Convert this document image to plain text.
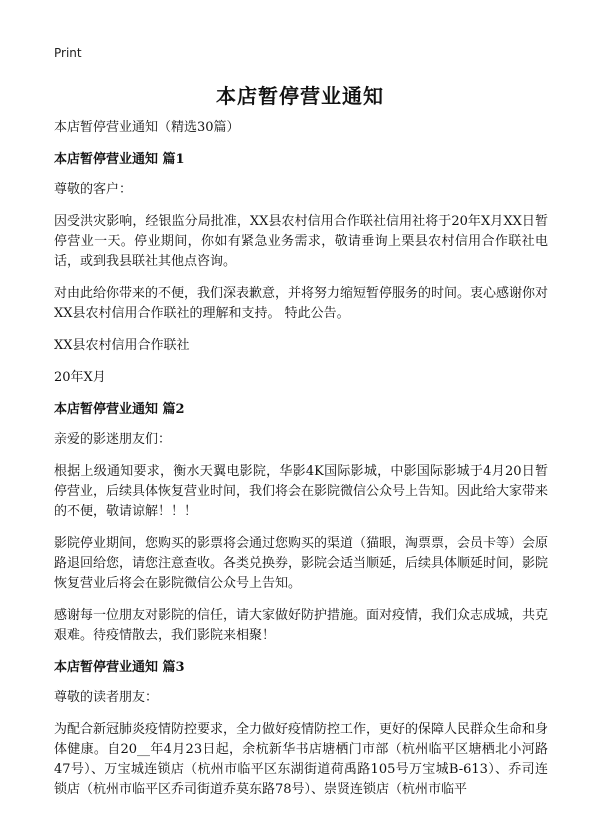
Print
本店暂停营业通知

本店暂停营业通知（精选30篇）

本店暂停营业通知 篇1

尊敬的客户：

因受洪灾影响，经银监分局批准，XX县农村信用合作联社信用社将于20年X月XX日暂停营业一天。停业期间，你如有紧急业务需求，敬请垂询上栗县农村信用合作联社电话，或到我县联社其他点咨询。

对由此给你带来的不便，我们深表歉意，并将努力缩短暂停服务的时间。衷心感谢你对XX县农村信用合作联社的理解和支持。 特此公告。

XX县农村信用合作联社

20年X月

本店暂停营业通知 篇2

亲爱的影迷朋友们：

根据上级通知要求，衡水天翼电影院，华影4K国际影城，中影国际影城于4月20日暂停营业，后续具体恢复营业时间，我们将会在影院微信公众号上告知。因此给大家带来的不便，敬请谅解！！！

影院停业期间，您购买的影票将会通过您购买的渠道（猫眼，淘票票，会员卡等）会原路退回给您，请您注意查收。各类兑换券，影院会适当顺延，后续具体顺延时间，影院恢复营业后将会在影院微信公众号上告知。

感谢每一位朋友对影院的信任，请大家做好防护措施。面对疫情，我们众志成城，共克艰难。待疫情散去，我们影院来相聚！

本店暂停营业通知 篇3

尊敬的读者朋友：

为配合新冠肺炎疫情防控要求，全力做好疫情防控工作，更好的保障人民群众生命和身体健康。自20__年4月23日起，余杭新华书店塘栖门市部（杭州临平区塘栖北小河路47号）、万宝城连锁店（杭州市临平区东湖街道荷禹路105号万宝城B-613）、乔司连锁店（杭州市临平区乔司街道乔莫东路78号）、崇贤连锁店（杭州市临平
